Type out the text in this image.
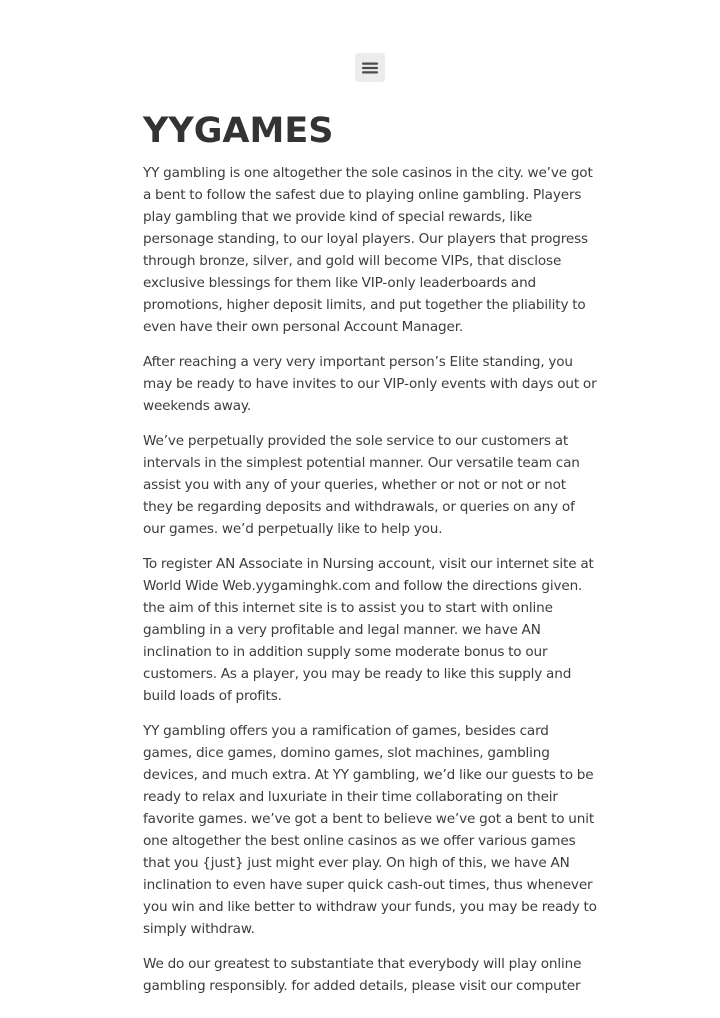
YYGAMES

YY gambling is one altogether the sole casinos in the city. we’ve got a bent to follow the safest due to playing online gambling. Players play gambling that we provide kind of special rewards, like personage standing, to our loyal players. Our players that progress through bronze, silver, and gold will become VIPs, that disclose exclusive blessings for them like VIP-only leaderboards and promotions, higher deposit limits, and put together the pliability to even have their own personal Account Manager.

After reaching a very very important person’s Elite standing, you may be ready to have invites to our VIP-only events with days out or weekends away.

We’ve perpetually provided the sole service to our customers at intervals in the simplest potential manner. Our versatile team can assist you with any of your queries, whether or not or not or not they be regarding deposits and withdrawals, or queries on any of our games. we’d perpetually like to help you.

To register AN Associate in Nursing account, visit our internet site at World Wide Web.yygaminghk.com and follow the directions given. the aim of this internet site is to assist you to start with online gambling in a very profitable and legal manner. we have AN inclination to in addition supply some moderate bonus to our customers. As a player, you may be ready to like this supply and build loads of profits.

YY gambling offers you a ramification of games, besides card games, dice games, domino games, slot machines, gambling devices, and much extra. At YY gambling, we’d like our guests to be ready to relax and luxuriate in their time collaborating on their favorite games. we’ve got a bent to believe we’ve got a bent to unit one altogether the best online casinos as we offer various games that you {just} just might ever play. On high of this, we have AN inclination to even have super quick cash-out times, thus whenever you win and like better to withdraw your funds, you may be ready to simply withdraw.

We do our greatest to substantiate that everybody will play online gambling responsibly. for added details, please visit our computer
